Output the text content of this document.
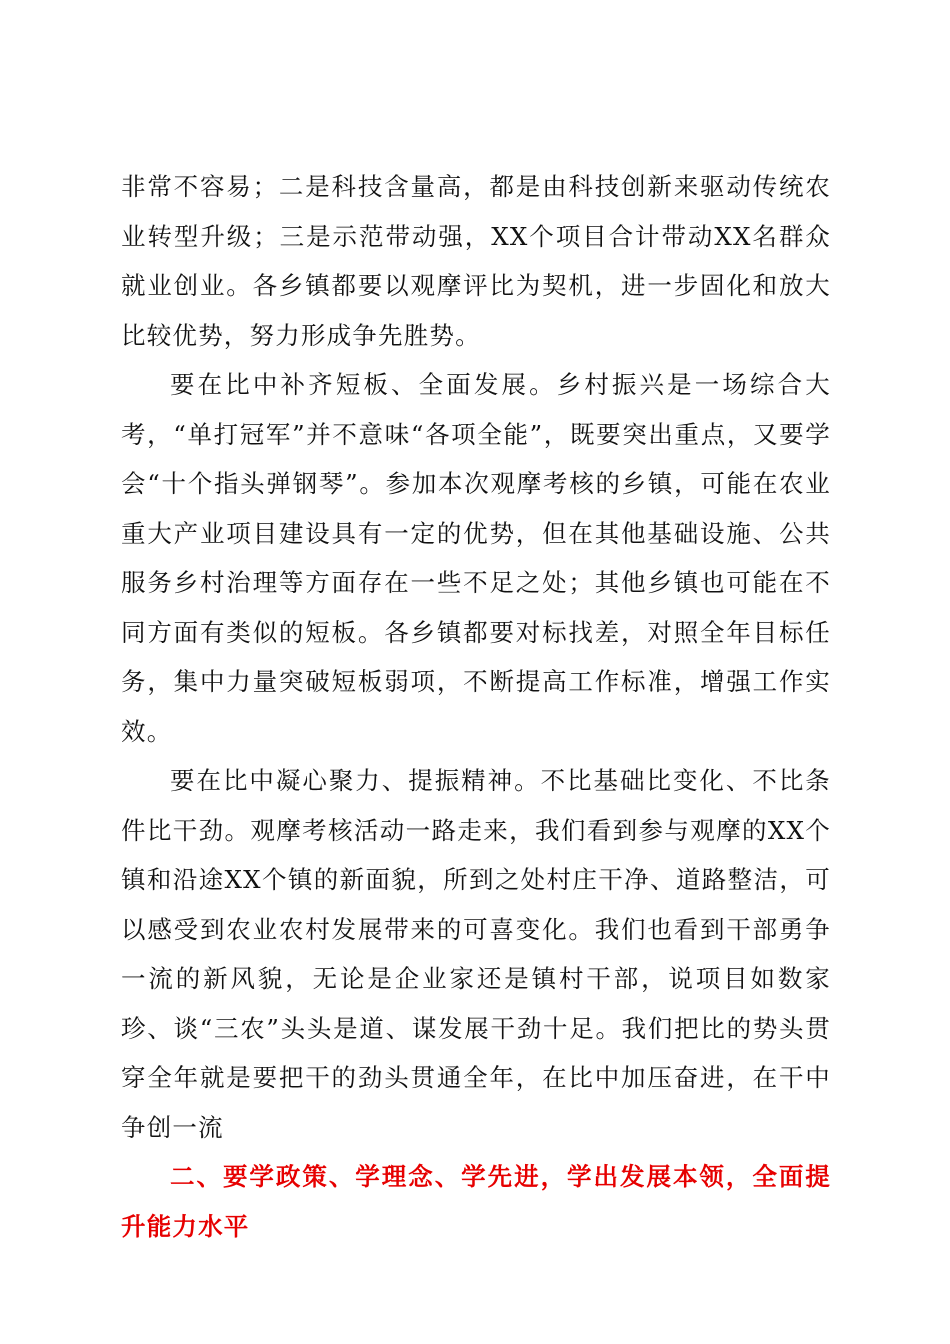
非常不容易；二是科技含量高，都是由科技创新来驱动传统农业转型升级；三是示范带动强，XX个项目合计带动XX名群众就业创业。各乡镇都要以观摩评比为契机，进一步固化和放大比较优势，努力形成争先胜势。

要在比中补齐短板、全面发展。乡村振兴是一场综合大考，“单打冠军”并不意味“各项全能”，既要突出重点，又要学会“十个指头弹钢琴”。参加本次观摩考核的乡镇，可能在农业重大产业项目建设具有一定的优势，但在其他基础设施、公共服务乡村治理等方面存在一些不足之处；其他乡镇也可能在不同方面有类似的短板。各乡镇都要对标找差，对照全年目标任务，集中力量突破短板弱项，不断提高工作标准，增强工作实效。

要在比中凝心聚力、提振精神。不比基础比变化、不比条件比干劲。观摩考核活动一路走来，我们看到参与观摩的XX个镇和沿途XX个镇的新面貌，所到之处村庄干净、道路整洁，可以感受到农业农村发展带来的可喜变化。我们也看到干部勇争一流的新风貌，无论是企业家还是镇村干部，说项目如数家珍、谈“三农”头头是道、谋发展干劲十足。我们把比的势头贯穿全年就是要把干的劲头贯通全年，在比中加压奋进，在干中争创一流

二、要学政策、学理念、学先进，学出发展本领，全面提升能力水平
